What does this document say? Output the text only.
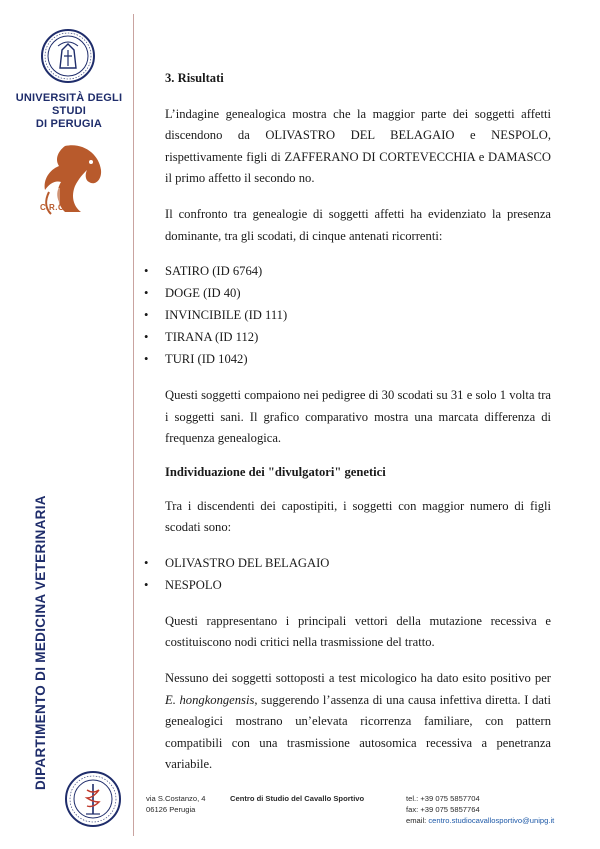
UNIVERSITÀ DEGLI STUDI
DI PERUGIA
C.R.C.S
DIPARTIMENTO DI MEDICINA VETERINARIA

3. Risultati

L’indagine genealogica mostra che la maggior parte dei soggetti affetti discendono da OLIVASTRO DEL BELAGAIO e NESPOLO, rispettivamente figli di ZAFFERANO DI CORTEVECCHIA e DAMASCO il primo affetto il secondo no.

Il confronto tra genealogie di soggetti affetti ha evidenziato la presenza dominante, tra gli scodati, di cinque antenati ricorrenti:

• SATIRO (ID 6764)
• DOGE (ID 40)
• INVINCIBILE (ID 111)
• TIRANA (ID 112)
• TURI (ID 1042)

Questi soggetti compaiono nei pedigree di 30 scodati su 31 e solo 1 volta tra i soggetti sani. Il grafico comparativo mostra una marcata differenza di frequenza genealogica.

Individuazione dei "divulgatori" genetici

Tra i discendenti dei capostipiti, i soggetti con maggior numero di figli scodati sono:

• OLIVASTRO DEL BELAGAIO
• NESPOLO

Questi rappresentano i principali vettori della mutazione recessiva e costituiscono nodi critici nella trasmissione del tratto.

Nessuno dei soggetti sottoposti a test micologico ha dato esito positivo per E. hongkongensis, suggerendo l’assenza di una causa infettiva diretta. I dati genealogici mostrano un’elevata ricorrenza familiare, con pattern compatibili con una trasmissione autosomica recessiva a penetranza variabile.

via S.Costanzo, 4
06126 Perugia
Centro di Studio del Cavallo Sportivo	tel.: +39 075 5857704
fax: +39 075 5857764
email: centro.studiocavallosportivo@unipg.it
